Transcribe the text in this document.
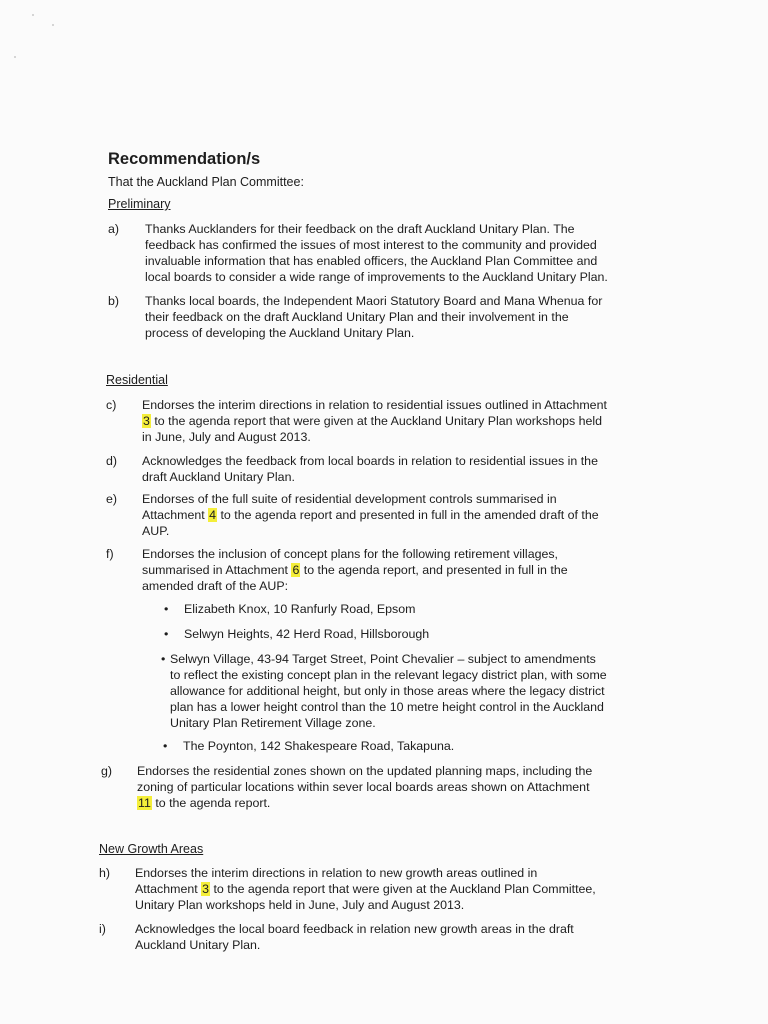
Recommendation/s
That the Auckland Plan Committee:
Preliminary
a) Thanks Aucklanders for their feedback on the draft Auckland Unitary Plan. The
feedback has confirmed the issues of most interest to the community and provided
invaluable information that has enabled officers, the Auckland Plan Committee and
local boards to consider a wide range of improvements to the Auckland Unitary Plan.
b) Thanks local boards, the Independent Maori Statutory Board and Mana Whenua for
their feedback on the draft Auckland Unitary Plan and their involvement in the
process of developing the Auckland Unitary Plan.
Residential
c) Endorses the interim directions in relation to residential issues outlined in Attachment
3 to the agenda report that were given at the Auckland Unitary Plan workshops held
in June, July and August 2013.
d) Acknowledges the feedback from local boards in relation to residential issues in the
draft Auckland Unitary Plan.
e) Endorses of the full suite of residential development controls summarised in
Attachment 4 to the agenda report and presented in full in the amended draft of the
AUP.
f) Endorses the inclusion of concept plans for the following retirement villages,
summarised in Attachment 6 to the agenda report, and presented in full in the
amended draft of the AUP:
• Elizabeth Knox, 10 Ranfurly Road, Epsom
• Selwyn Heights, 42 Herd Road, Hillsborough
• Selwyn Village, 43-94 Target Street, Point Chevalier – subject to amendments
to reflect the existing concept plan in the relevant legacy district plan, with some
allowance for additional height, but only in those areas where the legacy district
plan has a lower height control than the 10 metre height control in the Auckland
Unitary Plan Retirement Village zone.
• The Poynton, 142 Shakespeare Road, Takapuna.
g) Endorses the residential zones shown on the updated planning maps, including the
zoning of particular locations within sever local boards areas shown on Attachment
11 to the agenda report.
New Growth Areas
h) Endorses the interim directions in relation to new growth areas outlined in
Attachment 3 to the agenda report that were given at the Auckland Plan Committee,
Unitary Plan workshops held in June, July and August 2013.
i) Acknowledges the local board feedback in relation new growth areas in the draft
Auckland Unitary Plan.
